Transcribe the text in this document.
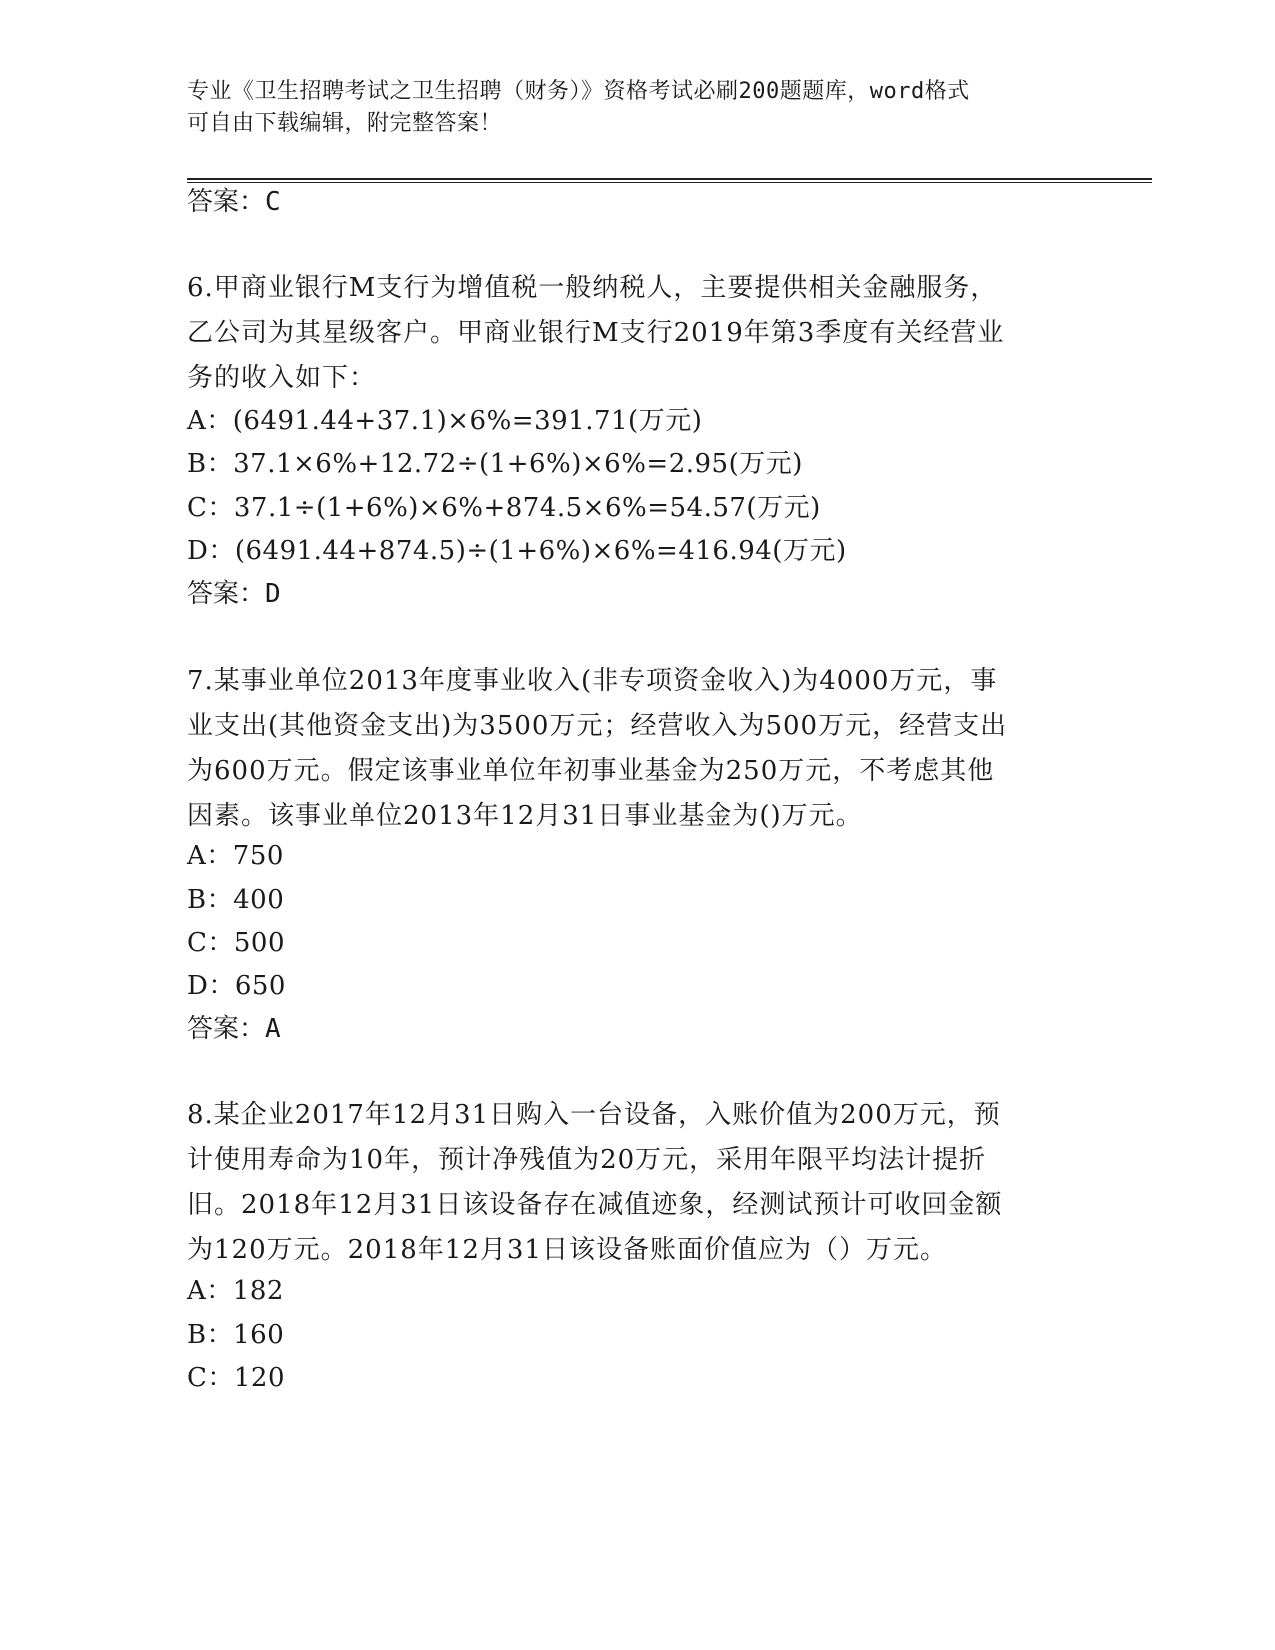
专业《卫生招聘考试之卫生招聘（财务）》资格考试必刷200题题库，word格式
可自由下载编辑，附完整答案！
答案：C
6.甲商业银行M支行为增值税一般纳税人，主要提供相关金融服务，
乙公司为其星级客户。甲商业银行M支行2019年第3季度有关经营业
务的收入如下：
A：(6491.44+37.1)×6%=391.71(万元)
B：37.1×6%+12.72÷(1+6%)×6%=2.95(万元)
C：37.1÷(1+6%)×6%+874.5×6%=54.57(万元)
D：(6491.44+874.5)÷(1+6%)×6%=416.94(万元)
答案：D
7.某事业单位2013年度事业收入(非专项资金收入)为4000万元，事
业支出(其他资金支出)为3500万元；经营收入为500万元，经营支出
为600万元。假定该事业单位年初事业基金为250万元，不考虑其他
因素。该事业单位2013年12月31日事业基金为()万元。
A：750
B：400
C：500
D：650
答案：A
8.某企业2017年12月31日购入一台设备，入账价值为200万元，预
计使用寿命为10年，预计净残值为20万元，采用年限平均法计提折
旧。2018年12月31日该设备存在减值迹象，经测试预计可收回金额
为120万元。2018年12月31日该设备账面价值应为（）万元。
A：182
B：160
C：120
